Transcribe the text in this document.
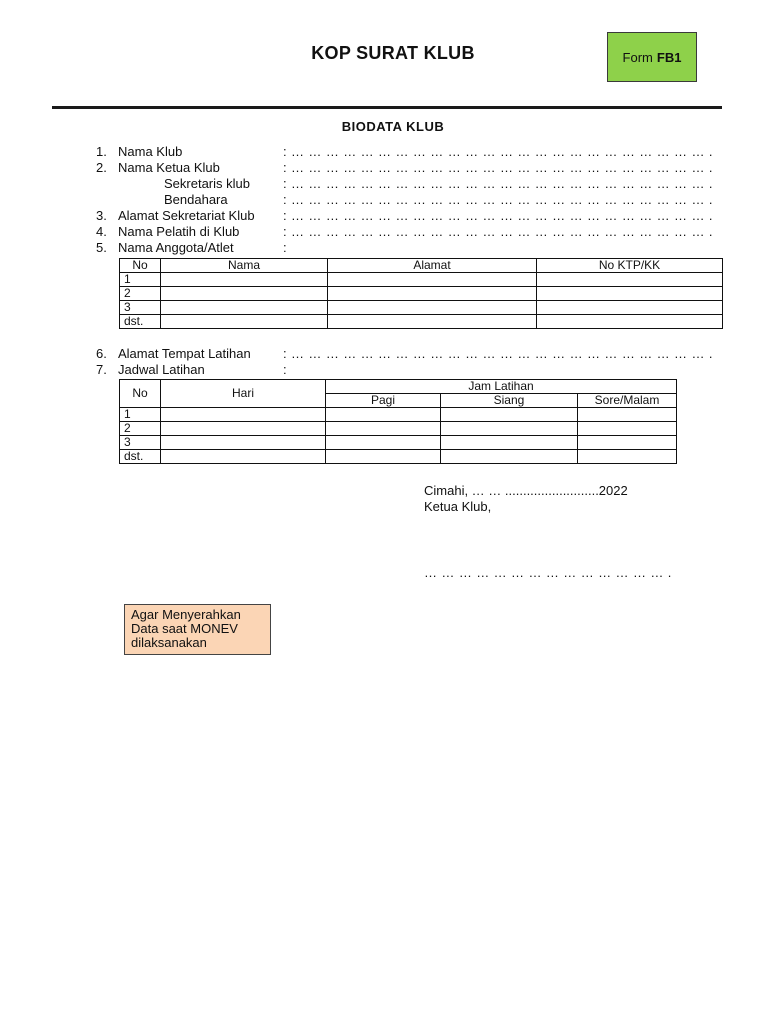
KOP SURAT KLUB	Form FB1
BIODATA KLUB
1. Nama Klub	: … … … … … … … … … … … … … … … … … … … … … … … … .
2. Nama Ketua Klub	: … … … … … … … … … … … … … … … … … … … … … … … … .
Sekretaris klub	: … … … … … … … … … … … … … … … … … … … … … … … … .
Bendahara	: … … … … … … … … … … … … … … … … … … … … … … … … .
3. Alamat Sekretariat Klub : … … … … … … … … … … … … … … … … … … … … … … … … .
4. Nama Pelatih di Klub	: … … … … … … … … … … … … … … … … … … … … … … … … .
5. Nama Anggota/Atlet	:
No	Nama	Alamat	No KTP/KK
1			
2			
3			
dst.			
6. Alamat Tempat Latihan : … … … … … … … … … … … … … … … … … … … … … … … … .
7. Jadwal Latihan	:
No	Hari	Jam Latihan		
		Pagi	Siang	Sore/Malam
1				
2				
3				
dst.				
Cimahi, … … ..........................2022
Ketua Klub,
… … … … … … … … … … … … … … .
Agar Menyerahkan Data saat MONEV dilaksanakan
